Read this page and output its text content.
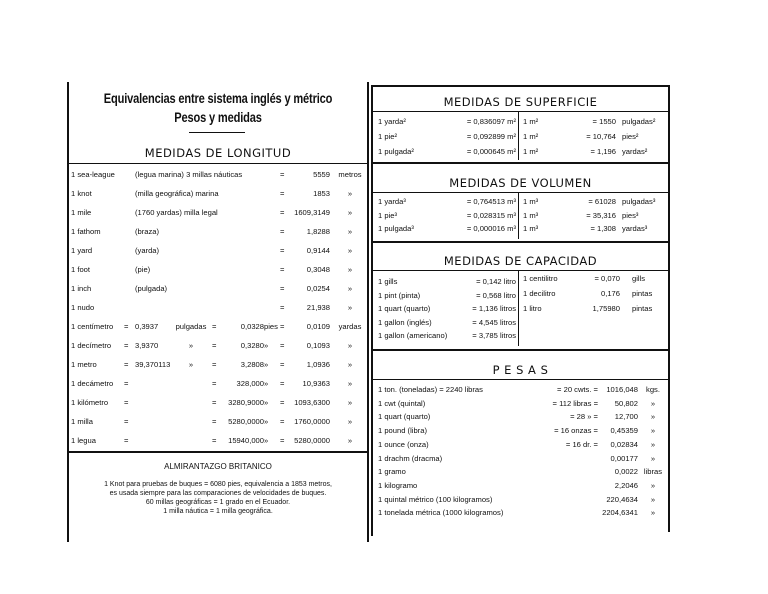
Equivalencias entre sistema inglés y métrico
Pesos y medidas
MEDIDAS DE LONGITUD
1 sea-league	(legua marina) 3 millas náuticas	=	5559 metros
1 knot	(milla geográfica) marina	=	1853	»
1 mile	(1760 yardas) milla legal	=	1609,3149	»
1 fathom	(braza)	=	1,8288	»
1 yard	(yarda)	=	0,9144	»
1 foot	(pie)	=	0,3048	»
1 inch	(pulgada)	=	0,0254	»
1 nudo	=	21,938	»
1 centímetro = 0,3937 pulgadas =	0,0328 pies =	0,0109	yardas
1 decímetro = 3,9370	»	=	0,3280 »	=	0,1093	»
1 metro	= 39,370113	»	=	3,2808 »	=	1,0936	»
1 decámetro =	=	328,000 »	=	10,9363	»
1 kilómetro =	=	3280,9000 »	=	1093,6300	»
1 milla	=	=	5280,0000 »	=	1760,0000	»
1 legua	=	=	15940,000 »	=	5280,0000	»
ALMIRANTAZGO BRITANICO
1 Knot para pruebas de buques = 6080 pies, equivalencia a 1853 metros,
es usada siempre para las comparaciones de velocidades de buques.
60 millas geográficas = 1 grado en el Ecuador.
1 milla náutica = 1 milla geográfica.
MEDIDAS DE SUPERFICIE
1 yarda²	= 0,836097 m²
1 pie²	= 0,092899 m²
1 pulgada²	= 0,000645 m²
1 m²	= 1550 pulgadas²
1 m²	= 10,764 pies²
1 m²	= 1,196 yardas²
MEDIDAS DE VOLUMEN
1 yarda³	= 0,764513 m³
1 pie³	= 0,028315 m³
1 pulgada³	= 0,000016 m³
1 m³	= 61028 pulgadas³
1 m³	= 35,316 pies³
1 m³	= 1,308 yardas³
MEDIDAS DE CAPACIDAD
1 gills	= 0,142 litro
1 pint (pinta)	= 0,568 litro
1 quart (quarto)	= 1,136 litros
1 gallon (inglés)	= 4,545 litros
1 gallon (americano)	= 3,785 litros
1 centilitro	= 0,070 gills
1 decilitro	0,176 pintas
1 litro	1,75980 pintas
P E S A S
1 ton. (toneladas) = 2240 libras	= 20 cwts. =	1016,048	kgs.
1 cwt (quintal)	= 112 libras =	50,802	»
1 quart (quarto)	= 28 » =	12,700	»
1 pound (libra)	= 16 onzas =	0,45359	»
1 ounce (onza)	= 16 dr. =	0,02834	»
1 drachm (dracma)	0,00177	»
1 gramo	0,0022 libras
1 kilogramo	2,2046	»
1 quintal métrico (100 kilogramos)	220,4634	»
1 tonelada métrica (1000 kilogramos)	2204,6341	»
